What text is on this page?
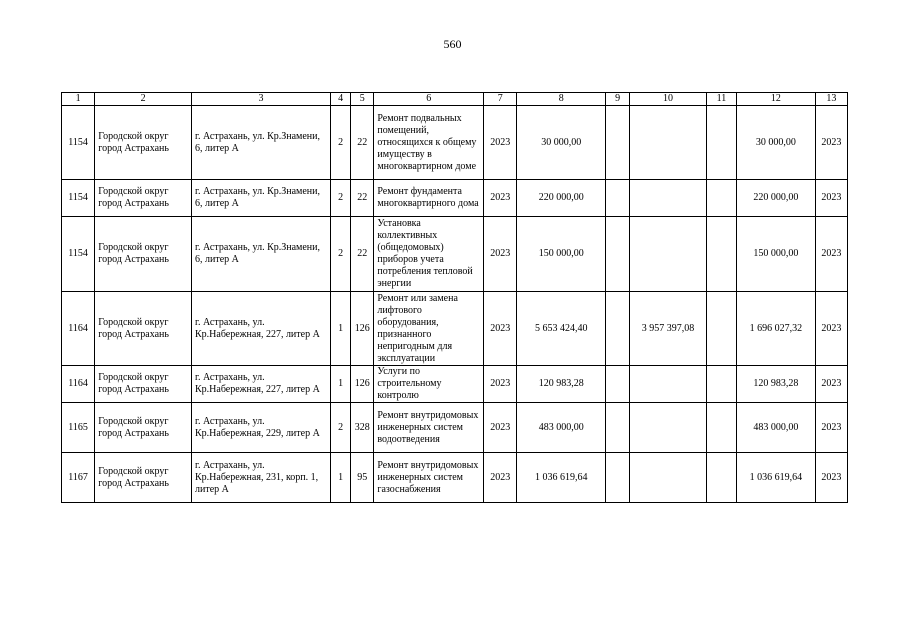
560
1	2	3	4	5	6	7	8	9	10	11	12	13
1154	Городской округ город Астрахань	г. Астрахань, ул. Кр.Знамени, 6, литер А	2	22	Ремонт подвальных помещений, относящихся к общему имуществу в многоквартирном доме	2023	30 000,00				30 000,00	2023
1154	Городской округ город Астрахань	г. Астрахань, ул. Кр.Знамени, 6, литер А	2	22	Ремонт фундамента многоквартирного дома	2023	220 000,00				220 000,00	2023
1154	Городской округ город Астрахань	г. Астрахань, ул. Кр.Знамени, 6, литер А	2	22	Установка коллективных (общедомовых) приборов учета потребления тепловой энергии	2023	150 000,00				150 000,00	2023
1164	Городской округ город Астрахань	г. Астрахань, ул. Кр.Набережная, 227, литер А	1	126	Ремонт или замена лифтового оборудования, признанного непригодным для эксплуатации	2023	5 653 424,40		3 957 397,08		1 696 027,32	2023
1164	Городской округ город Астрахань	г. Астрахань, ул. Кр.Набережная, 227, литер А	1	126	Услуги по строительному контролю	2023	120 983,28				120 983,28	2023
1165	Городской округ город Астрахань	г. Астрахань, ул. Кр.Набережная, 229, литер А	2	328	Ремонт внутридомовых инженерных систем водоотведения	2023	483 000,00				483 000,00	2023
1167	Городской округ город Астрахань	г. Астрахань, ул. Кр.Набережная, 231, корп. 1, литер А	1	95	Ремонт внутридомовых инженерных систем газоснабжения	2023	1 036 619,64				1 036 619,64	2023
